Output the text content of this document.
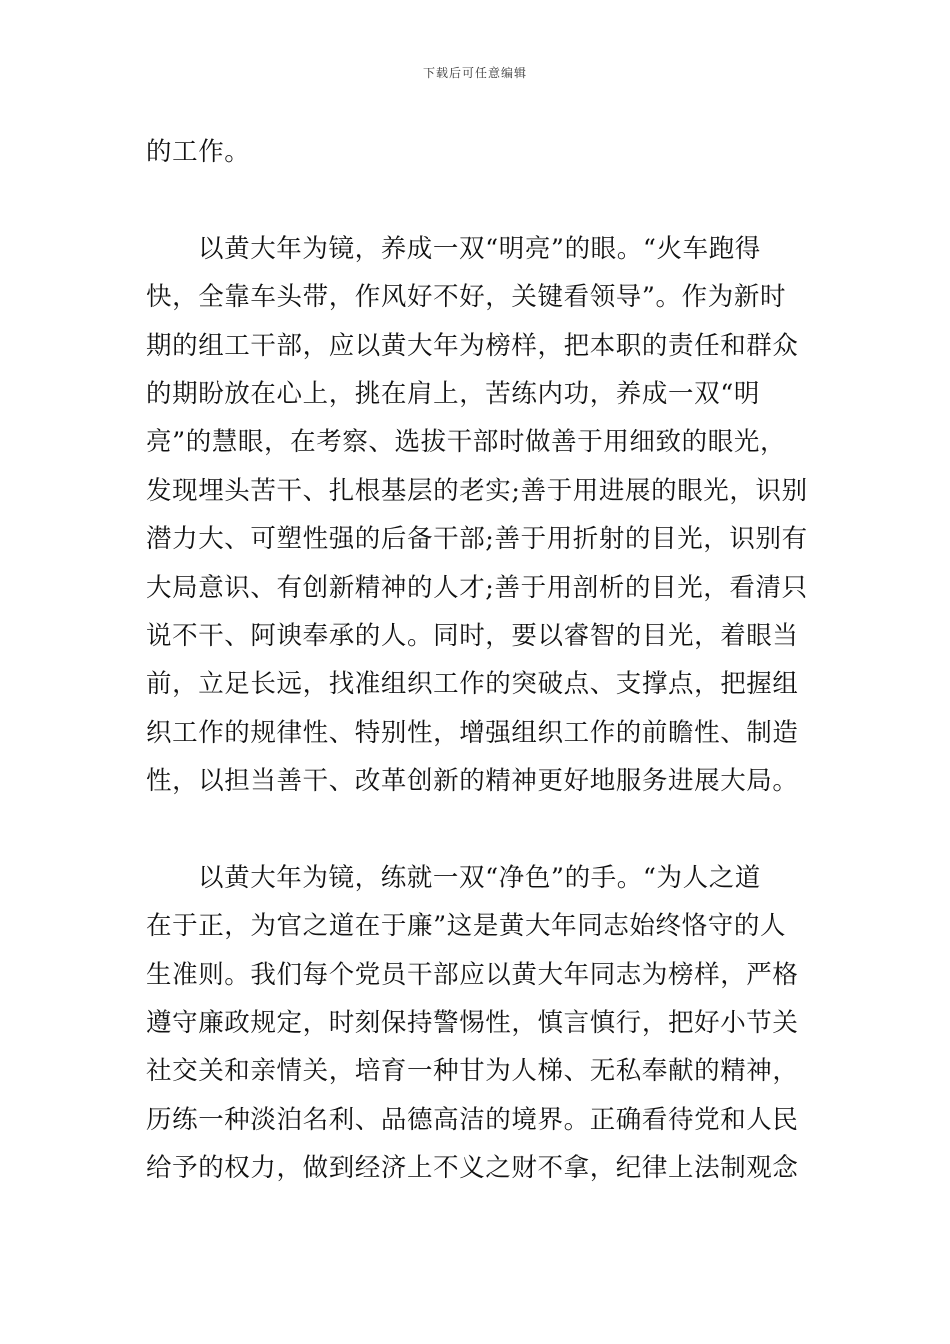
下载后可任意编辑
的工作。
以黄大年为镜，养成一双“明亮”的眼。“火车跑得
快，全靠车头带，作风好不好，关键看领导”。作为新时
期的组工干部，应以黄大年为榜样，把本职的责任和群众
的期盼放在心上，挑在肩上，苦练内功，养成一双“明
亮”的慧眼，在考察、选拔干部时做善于用细致的眼光，
发现埋头苦干、扎根基层的老实;善于用进展的眼光，识别
潜力大、可塑性强的后备干部;善于用折射的目光，识别有
大局意识、有创新精神的人才;善于用剖析的目光，看清只
说不干、阿谀奉承的人。同时，要以睿智的目光，着眼当
前，立足长远，找准组织工作的突破点、支撑点，把握组
织工作的规律性、特别性，增强组织工作的前瞻性、制造
性，以担当善干、改革创新的精神更好地服务进展大局。
以黄大年为镜，练就一双“净色”的手。“为人之道
在于正，为官之道在于廉”这是黄大年同志始终恪守的人
生准则。我们每个党员干部应以黄大年同志为榜样，严格
遵守廉政规定，时刻保持警惕性，慎言慎行，把好小节关
社交关和亲情关，培育一种甘为人梯、无私奉献的精神，
历练一种淡泊名利、品德高洁的境界。正确看待党和人民
给予的权力，做到经济上不义之财不拿，纪律上法制观念
